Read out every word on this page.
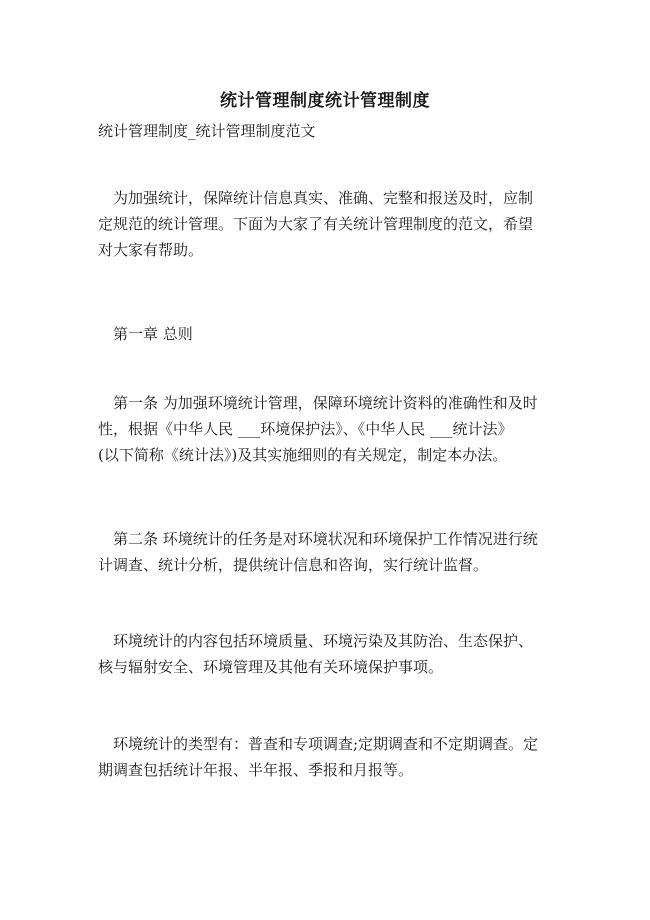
统计管理制度统计管理制度
统计管理制度_统计管理制度范文
为加强统计，保障统计信息真实、准确、完整和报送及时，应制
定规范的统计管理。下面为大家了有关统计管理制度的范文，希望
对大家有帮助。
第一章 总则
第一条 为加强环境统计管理，保障环境统计资料的准确性和及时
性，根据《中华人民 ___环境保护法》、《中华人民 ___统计法》
(以下简称《统计法》)及其实施细则的有关规定，制定本办法。
第二条 环境统计的任务是对环境状况和环境保护工作情况进行统
计调查、统计分析，提供统计信息和咨询，实行统计监督。
环境统计的内容包括环境质量、环境污染及其防治、生态保护、
核与辐射安全、环境管理及其他有关环境保护事项。
环境统计的类型有：普查和专项调查;定期调查和不定期调查。定
期调查包括统计年报、半年报、季报和月报等。
